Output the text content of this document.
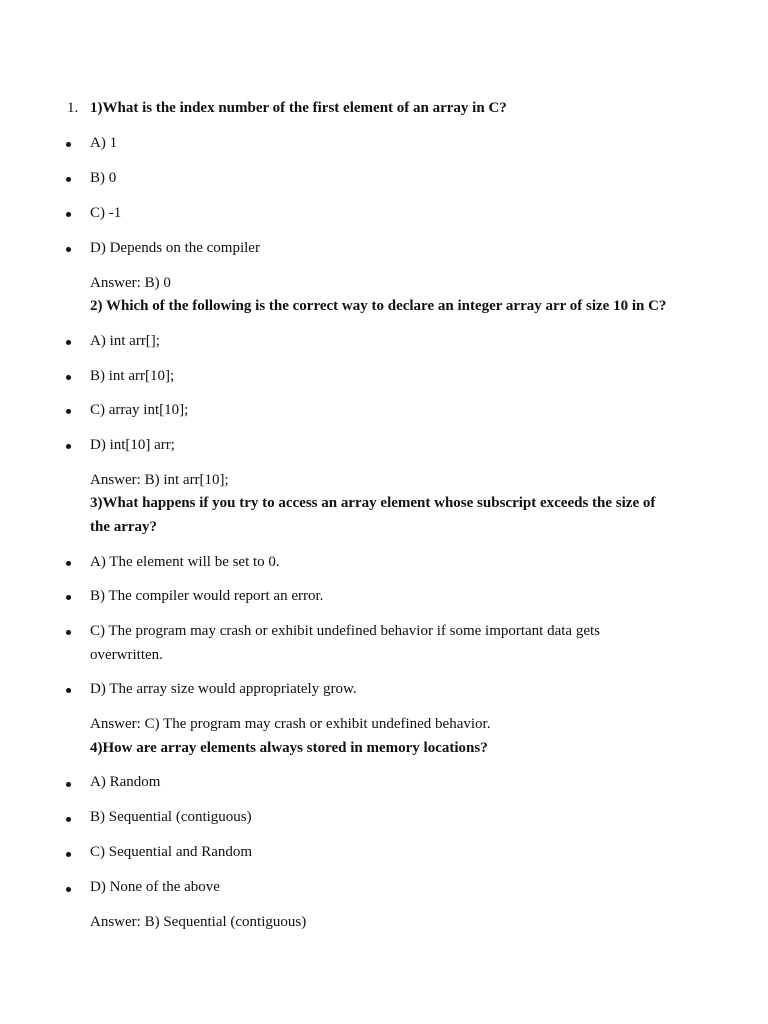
1. 1)What is the index number of the first element of an array in C?
A) 1
B) 0
C) -1
D) Depends on the compiler
Answer: B) 0
2) Which of the following is the correct way to declare an integer array arr of size 10 in C?
A) int arr[];
B) int arr[10];
C) array int[10];
D) int[10] arr;
Answer: B) int arr[10];
3)What happens if you try to access an array element whose subscript exceeds the size of
the array?
A) The element will be set to 0.
B) The compiler would report an error.
C) The program may crash or exhibit undefined behavior if some important data gets
overwritten.
D) The array size would appropriately grow.
Answer: C) The program may crash or exhibit undefined behavior.
4)How are array elements always stored in memory locations?
A) Random
B) Sequential (contiguous)
C) Sequential and Random
D) None of the above
Answer: B) Sequential (contiguous)
